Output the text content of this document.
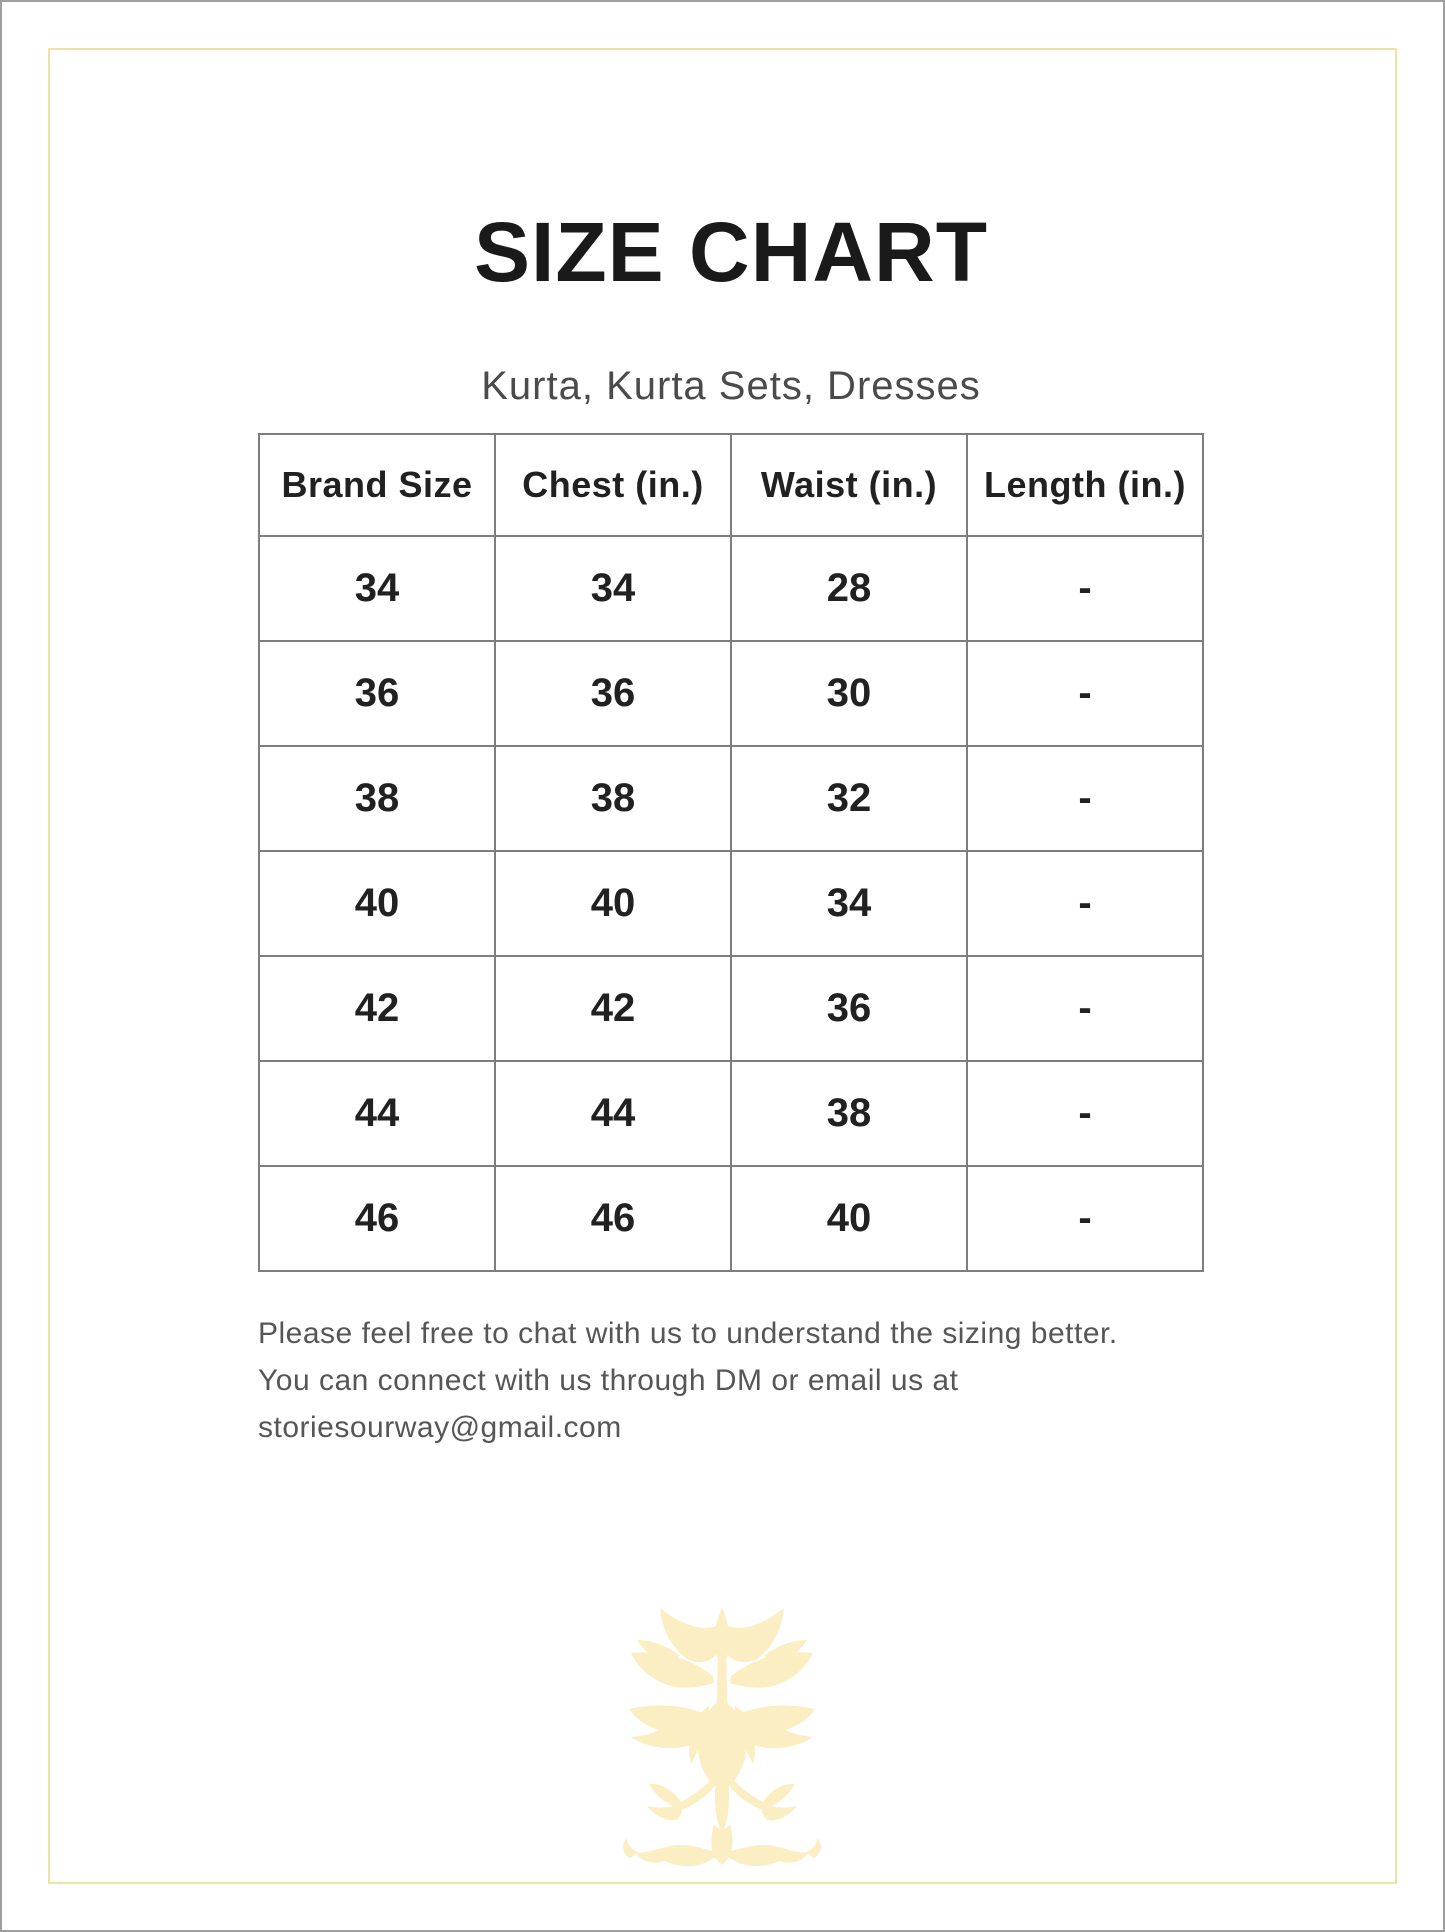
SIZE CHART
Kurta, Kurta Sets, Dresses
Brand Size	Chest (in.)	Waist (in.)	Length (in.)
34	34	28	-
36	36	30	-
38	38	32	-
40	40	34	-
42	42	36	-
44	44	38	-
46	46	40	-
Please feel free to chat with us to understand the sizing better.
You can connect with us through DM or email us at
storiesourway@gmail.com
